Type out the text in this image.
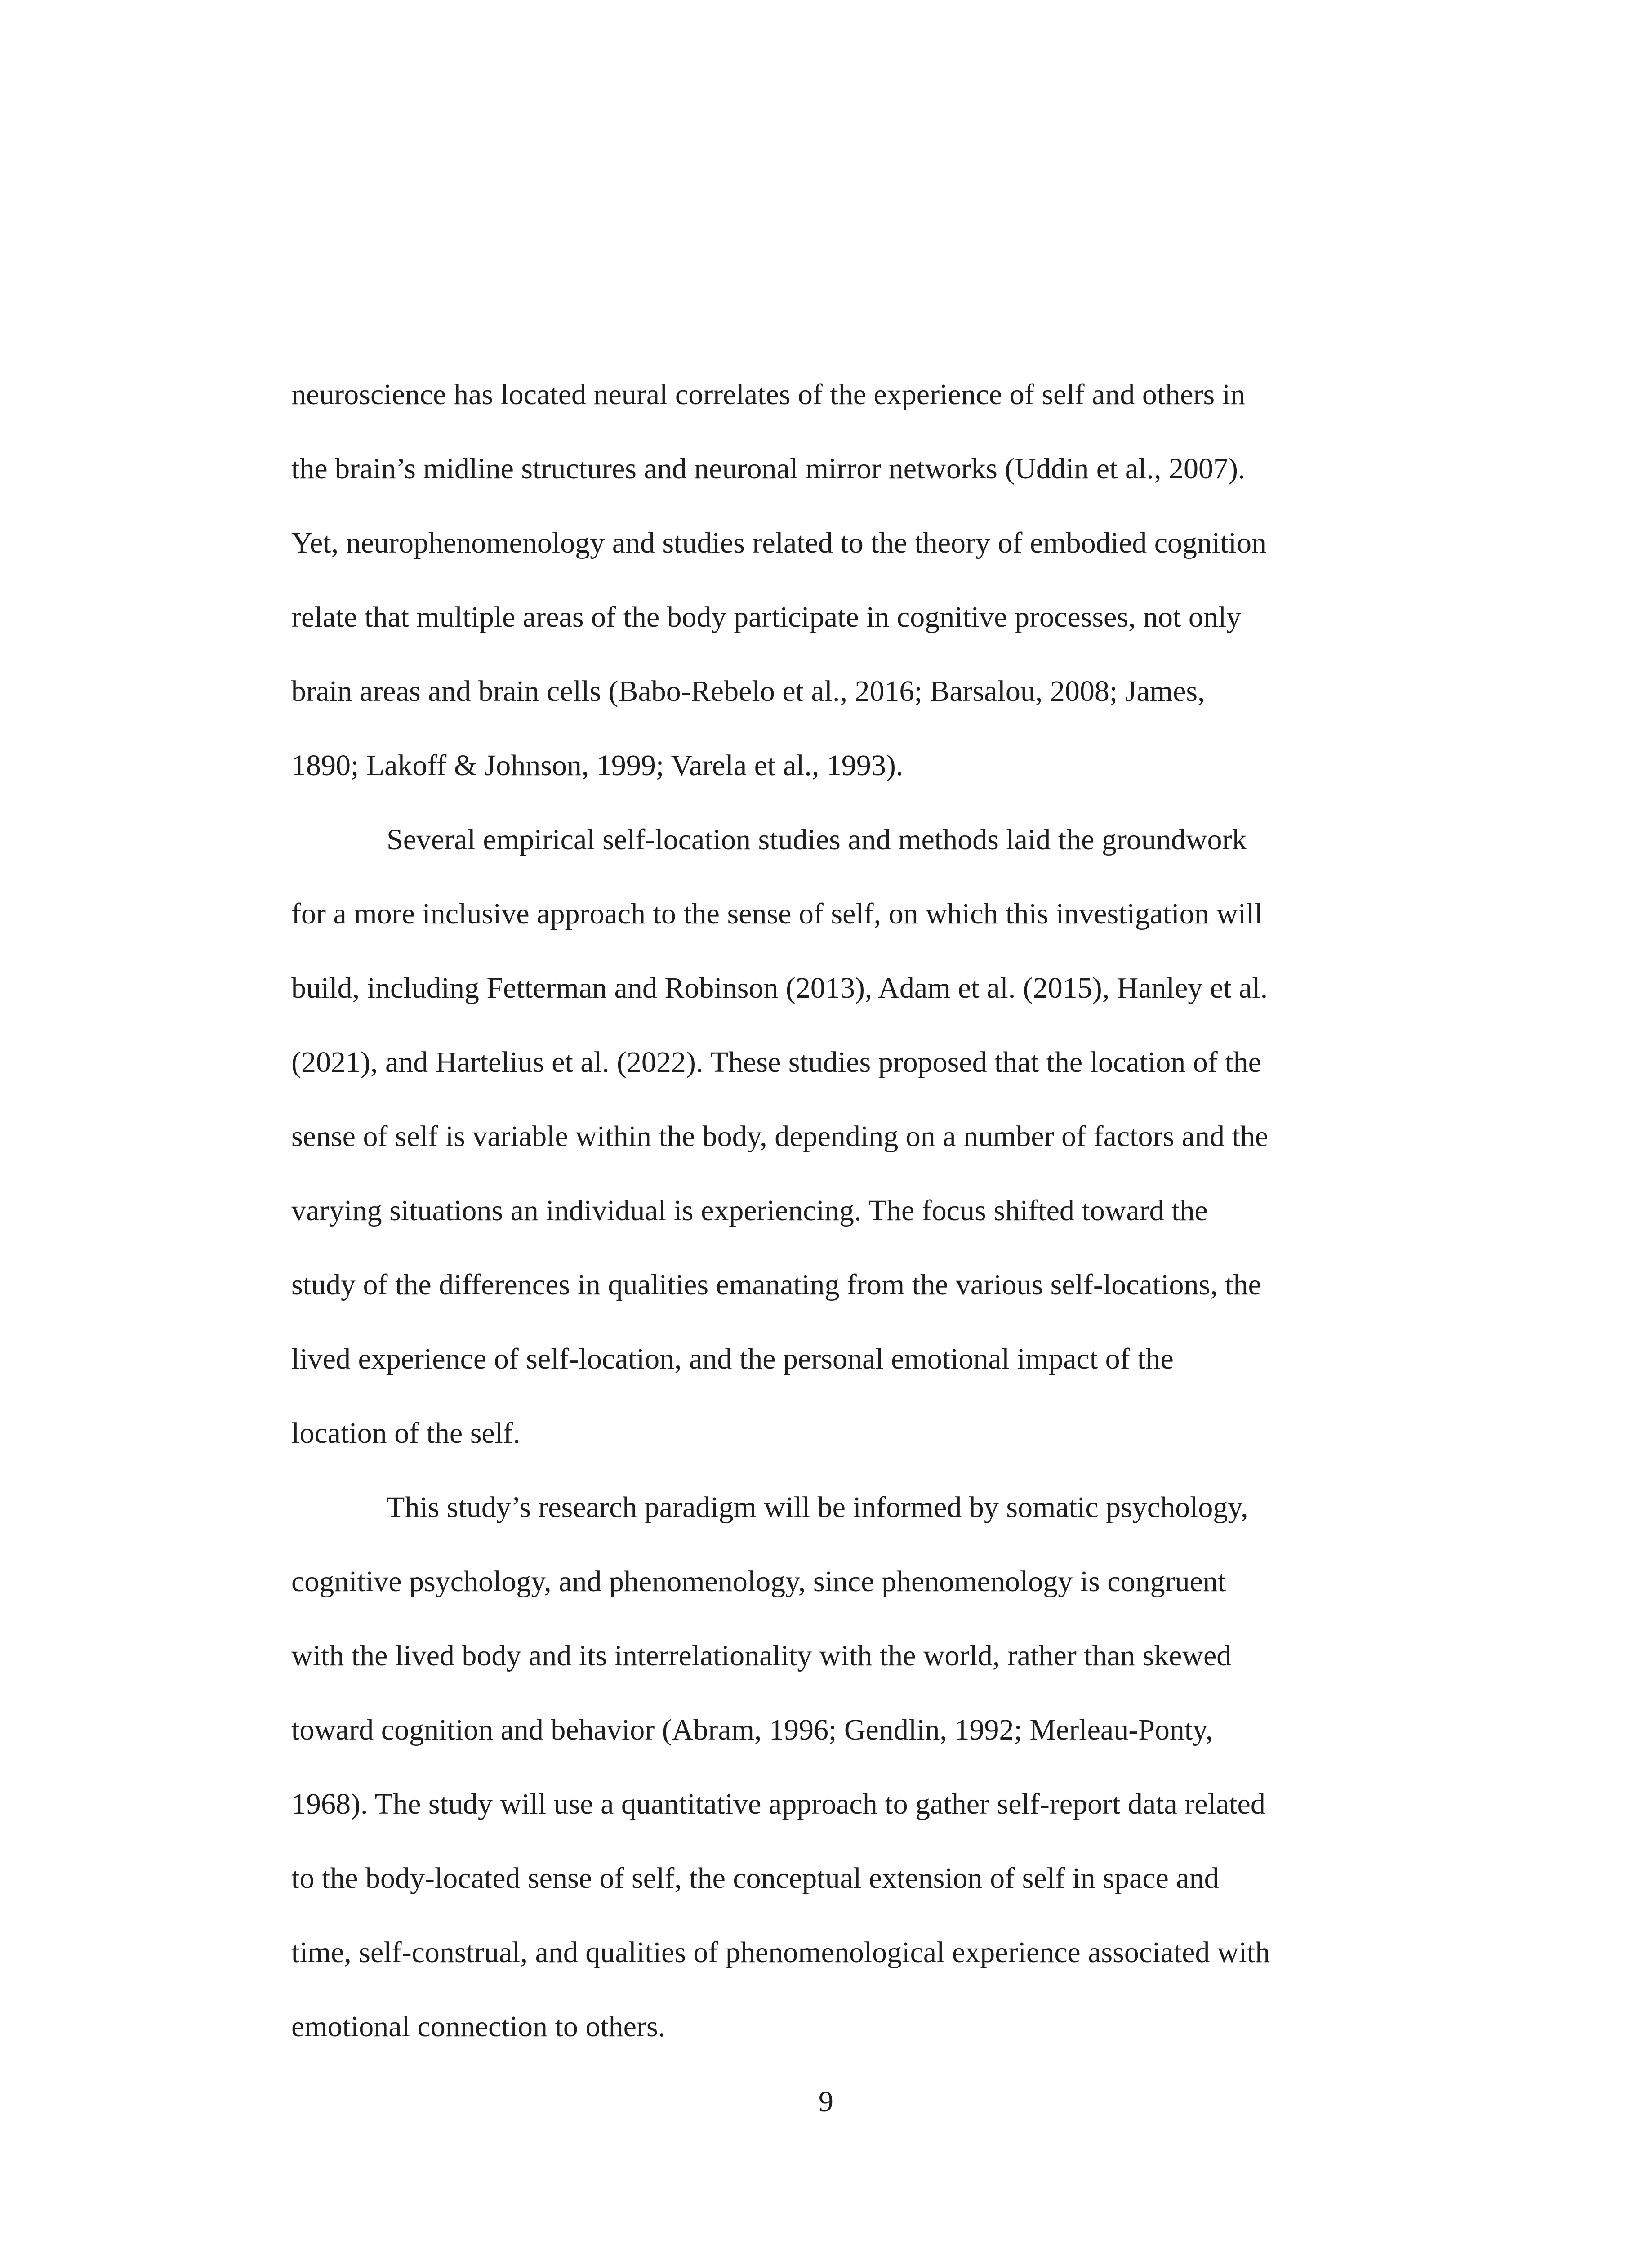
neuroscience has located neural correlates of the experience of self and others in

the brain’s midline structures and neuronal mirror networks (Uddin et al., 2007).

Yet, neurophenomenology and studies related to the theory of embodied cognition

relate that multiple areas of the body participate in cognitive processes, not only

brain areas and brain cells (Babo-Rebelo et al., 2016; Barsalou, 2008; James,

1890; Lakoff & Johnson, 1999; Varela et al., 1993).

Several empirical self-location studies and methods laid the groundwork

for a more inclusive approach to the sense of self, on which this investigation will

build, including Fetterman and Robinson (2013), Adam et al. (2015), Hanley et al.

(2021), and Hartelius et al. (2022). These studies proposed that the location of the

sense of self is variable within the body, depending on a number of factors and the

varying situations an individual is experiencing. The focus shifted toward the

study of the differences in qualities emanating from the various self-locations, the

lived experience of self-location, and the personal emotional impact of the

location of the self.

This study’s research paradigm will be informed by somatic psychology,

cognitive psychology, and phenomenology, since phenomenology is congruent

with the lived body and its interrelationality with the world, rather than skewed

toward cognition and behavior (Abram, 1996; Gendlin, 1992; Merleau-Ponty,

1968). The study will use a quantitative approach to gather self-report data related

to the body-located sense of self, the conceptual extension of self in space and

time, self-construal, and qualities of phenomenological experience associated with

emotional connection to others.

9
